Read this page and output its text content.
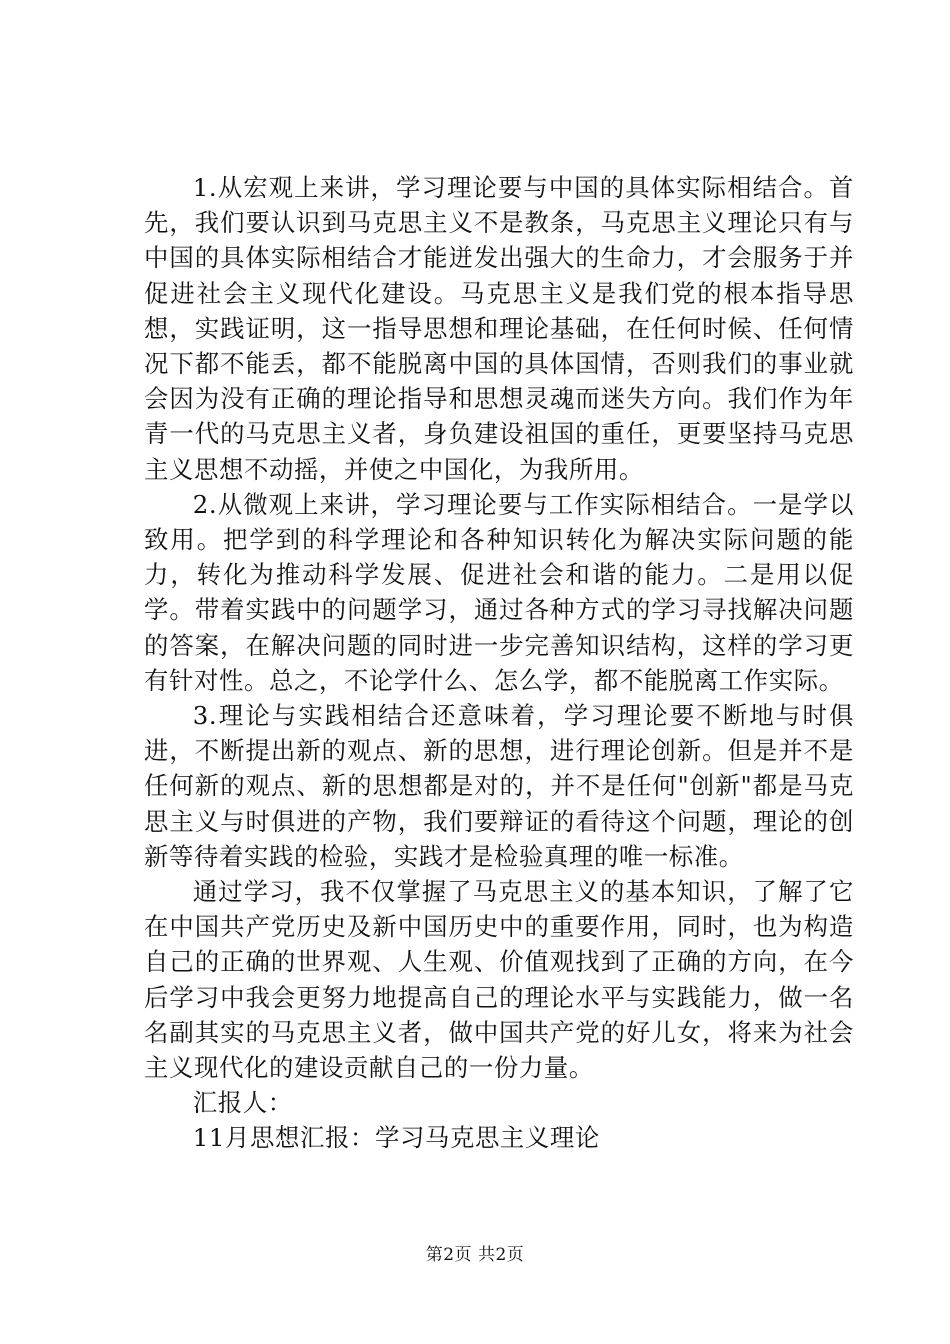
1.从宏观上来讲，学习理论要与中国的具体实际相结合。首先，我们要认识到马克思主义不是教条，马克思主义理论只有与中国的具体实际相结合才能迸发出强大的生命力，才会服务于并促进社会主义现代化建设。马克思主义是我们党的根本指导思想，实践证明，这一指导思想和理论基础，在任何时候、任何情况下都不能丢，都不能脱离中国的具体国情，否则我们的事业就会因为没有正确的理论指导和思想灵魂而迷失方向。我们作为年青一代的马克思主义者，身负建设祖国的重任，更要坚持马克思主义思想不动摇，并使之中国化，为我所用。

2.从微观上来讲，学习理论要与工作实际相结合。一是学以致用。把学到的科学理论和各种知识转化为解决实际问题的能力，转化为推动科学发展、促进社会和谐的能力。二是用以促学。带着实践中的问题学习，通过各种方式的学习寻找解决问题的答案，在解决问题的同时进一步完善知识结构，这样的学习更有针对性。总之，不论学什么、怎么学，都不能脱离工作实际。

3.理论与实践相结合还意味着，学习理论要不断地与时俱进，不断提出新的观点、新的思想，进行理论创新。但是并不是任何新的观点、新的思想都是对的，并不是任何"创新"都是马克思主义与时俱进的产物，我们要辩证的看待这个问题，理论的创新等待着实践的检验，实践才是检验真理的唯一标准。

通过学习，我不仅掌握了马克思主义的基本知识，了解了它在中国共产党历史及新中国历史中的重要作用，同时，也为构造自己的正确的世界观、人生观、价值观找到了正确的方向，在今后学习中我会更努力地提高自己的理论水平与实践能力，做一名名副其实的马克思主义者，做中国共产党的好儿女，将来为社会主义现代化的建设贡献自己的一份力量。

汇报人：

11月思想汇报：学习马克思主义理论

第2页 共2页
